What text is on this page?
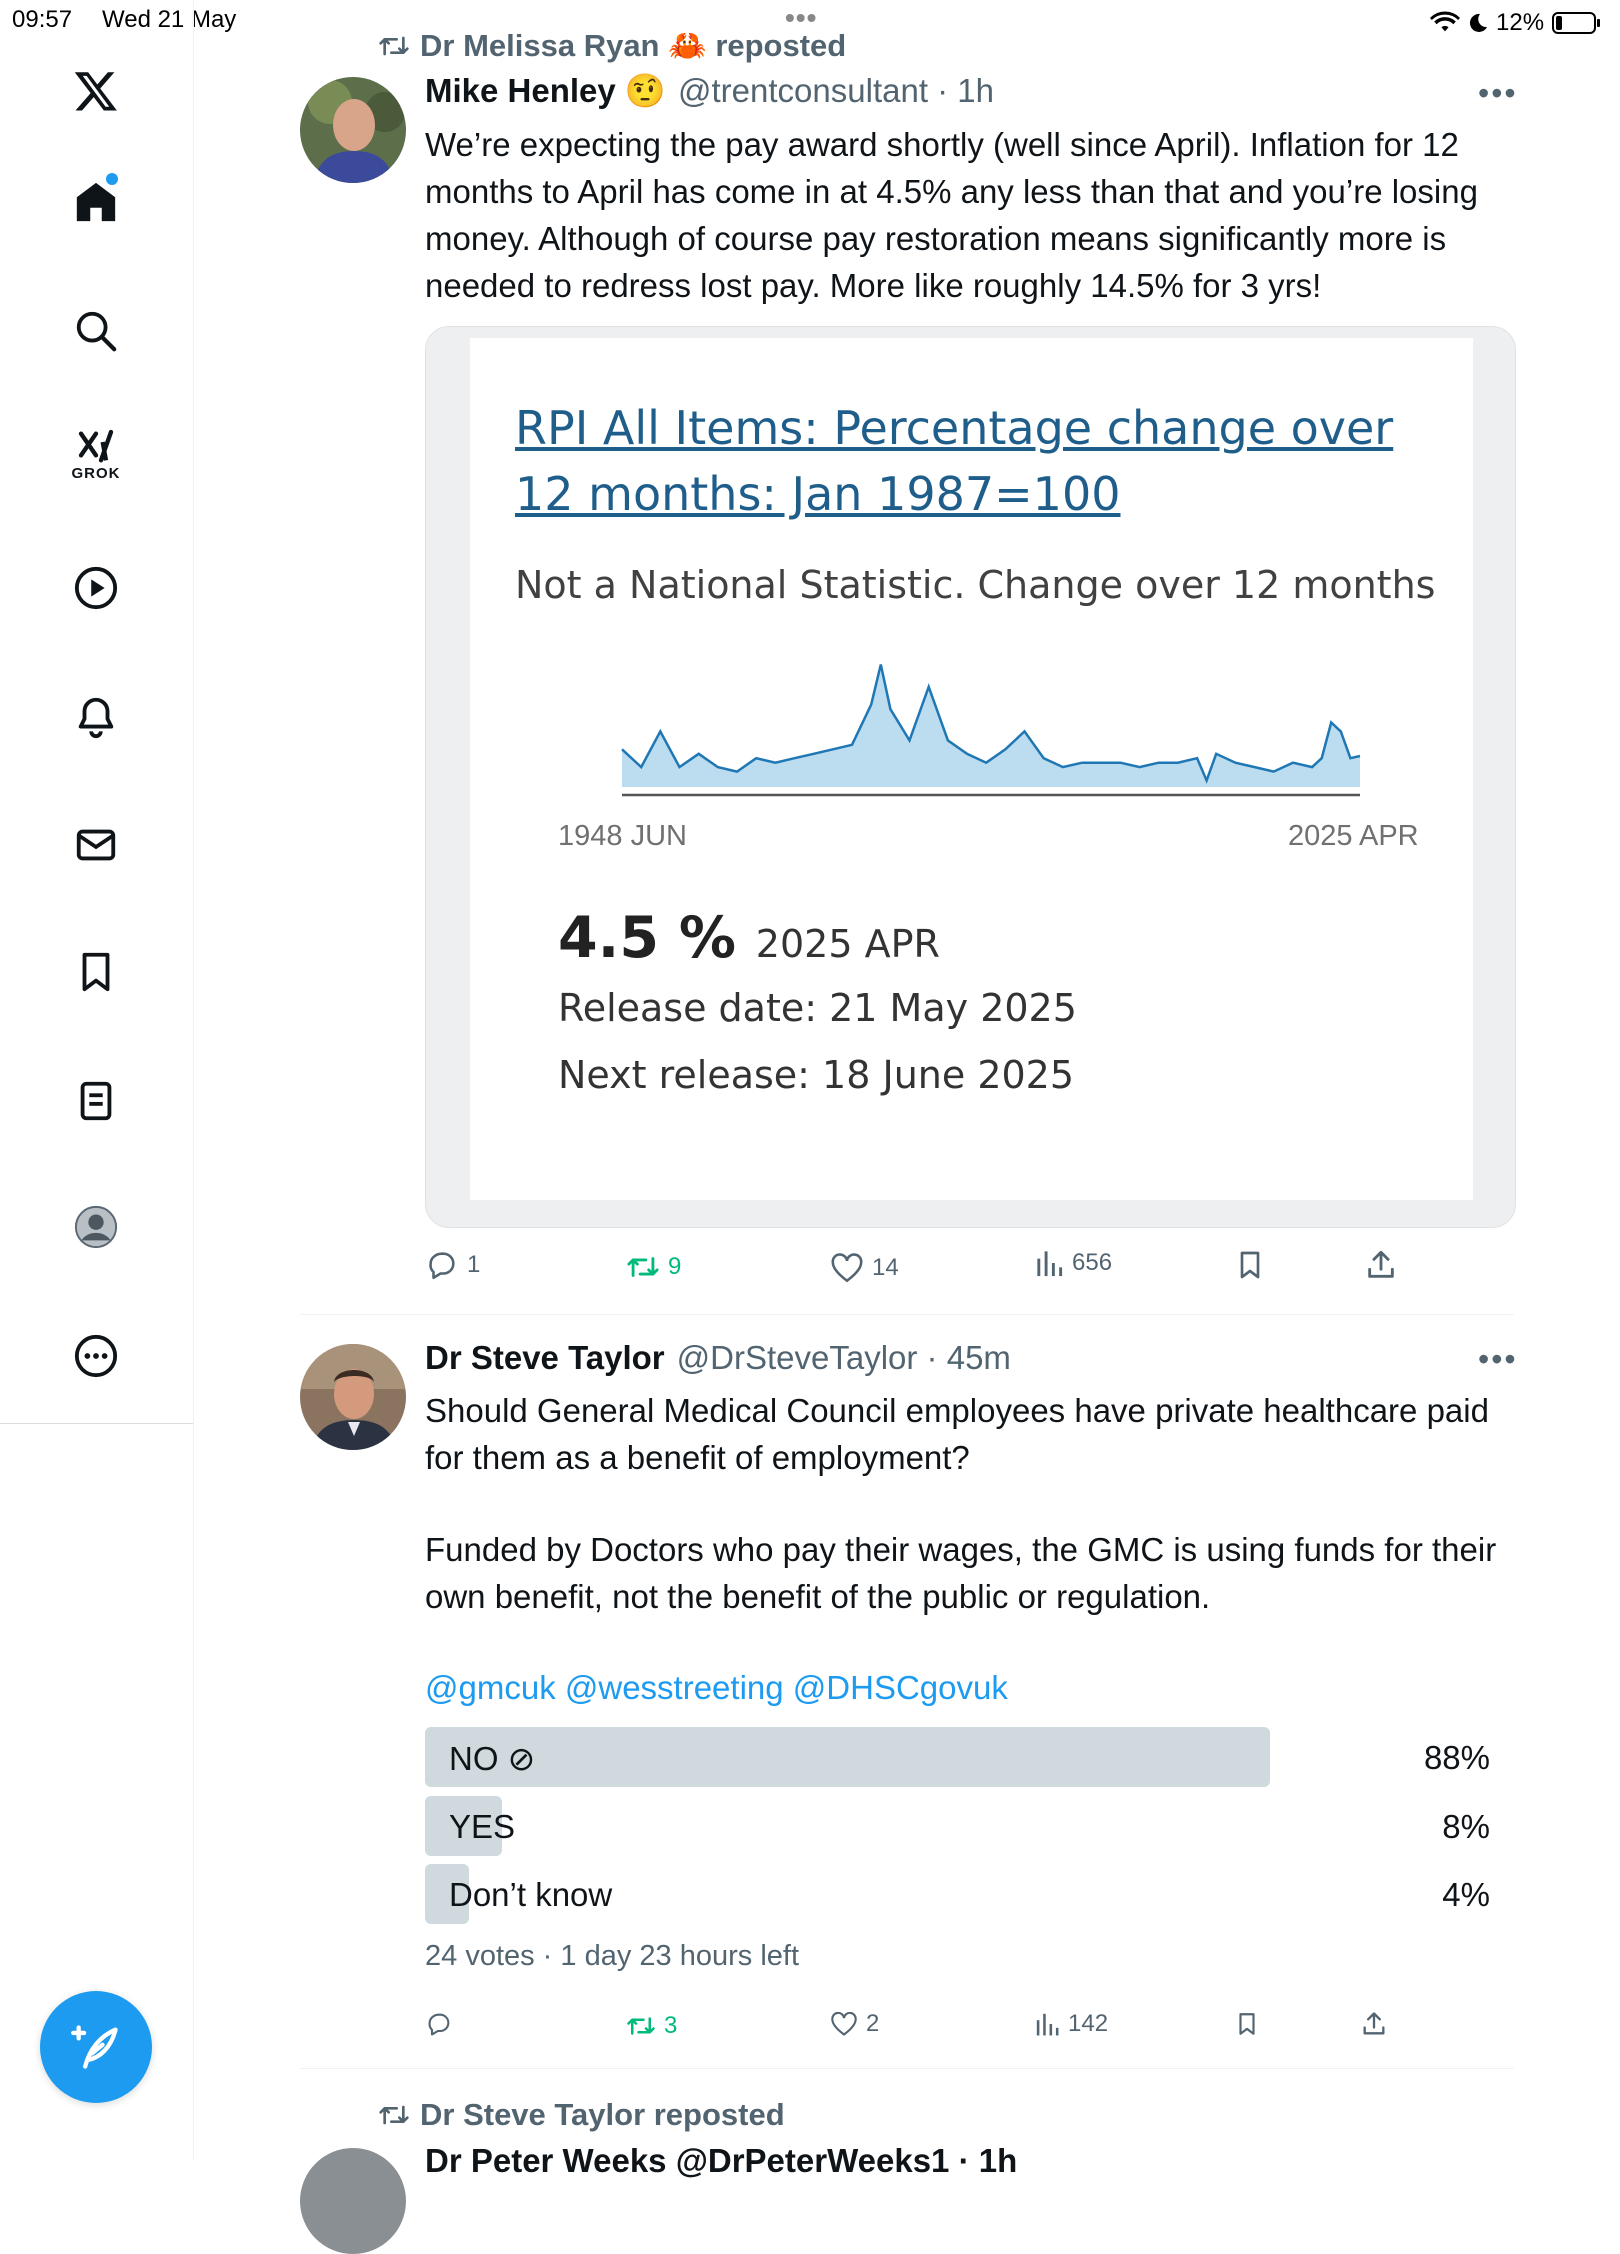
09:57 Wed 21 May	•••	12%
GROK
Dr Melissa Ryan 🦀 reposted
Mike Henley 🤨 @trentconsultant · 1h	•••
We’re expecting the pay award shortly (well since April). Inflation for 12 months to April has come in at 4.5% any less than that and you’re losing money. Although of course pay restoration means significantly more is needed to redress lost pay. More like roughly 14.5% for 3 yrs!
RPI All Items: Percentage change over 12 months: Jan 1987=100
Not a National Statistic. Change over 12 months
1948 JUN	2025 APR
4.5 % 2025 APR
Release date: 21 May 2025
Next release: 18 June 2025
1	9	14	656
Dr Steve Taylor @DrSteveTaylor · 45m	•••
Should General Medical Council employees have private healthcare paid for them as a benefit of employment?
Funded by Doctors who pay their wages, the GMC is using funds for their own benefit, not the benefit of the public or regulation.
@gmcuk @wesstreeting @DHSCgovuk
NO ⊘	88%
YES	8%
Don’t know	4%
24 votes · 1 day 23 hours left
3	2	142
Dr Steve Taylor reposted
Dr Peter Weeks @DrPeterWeeks1 · 1h
